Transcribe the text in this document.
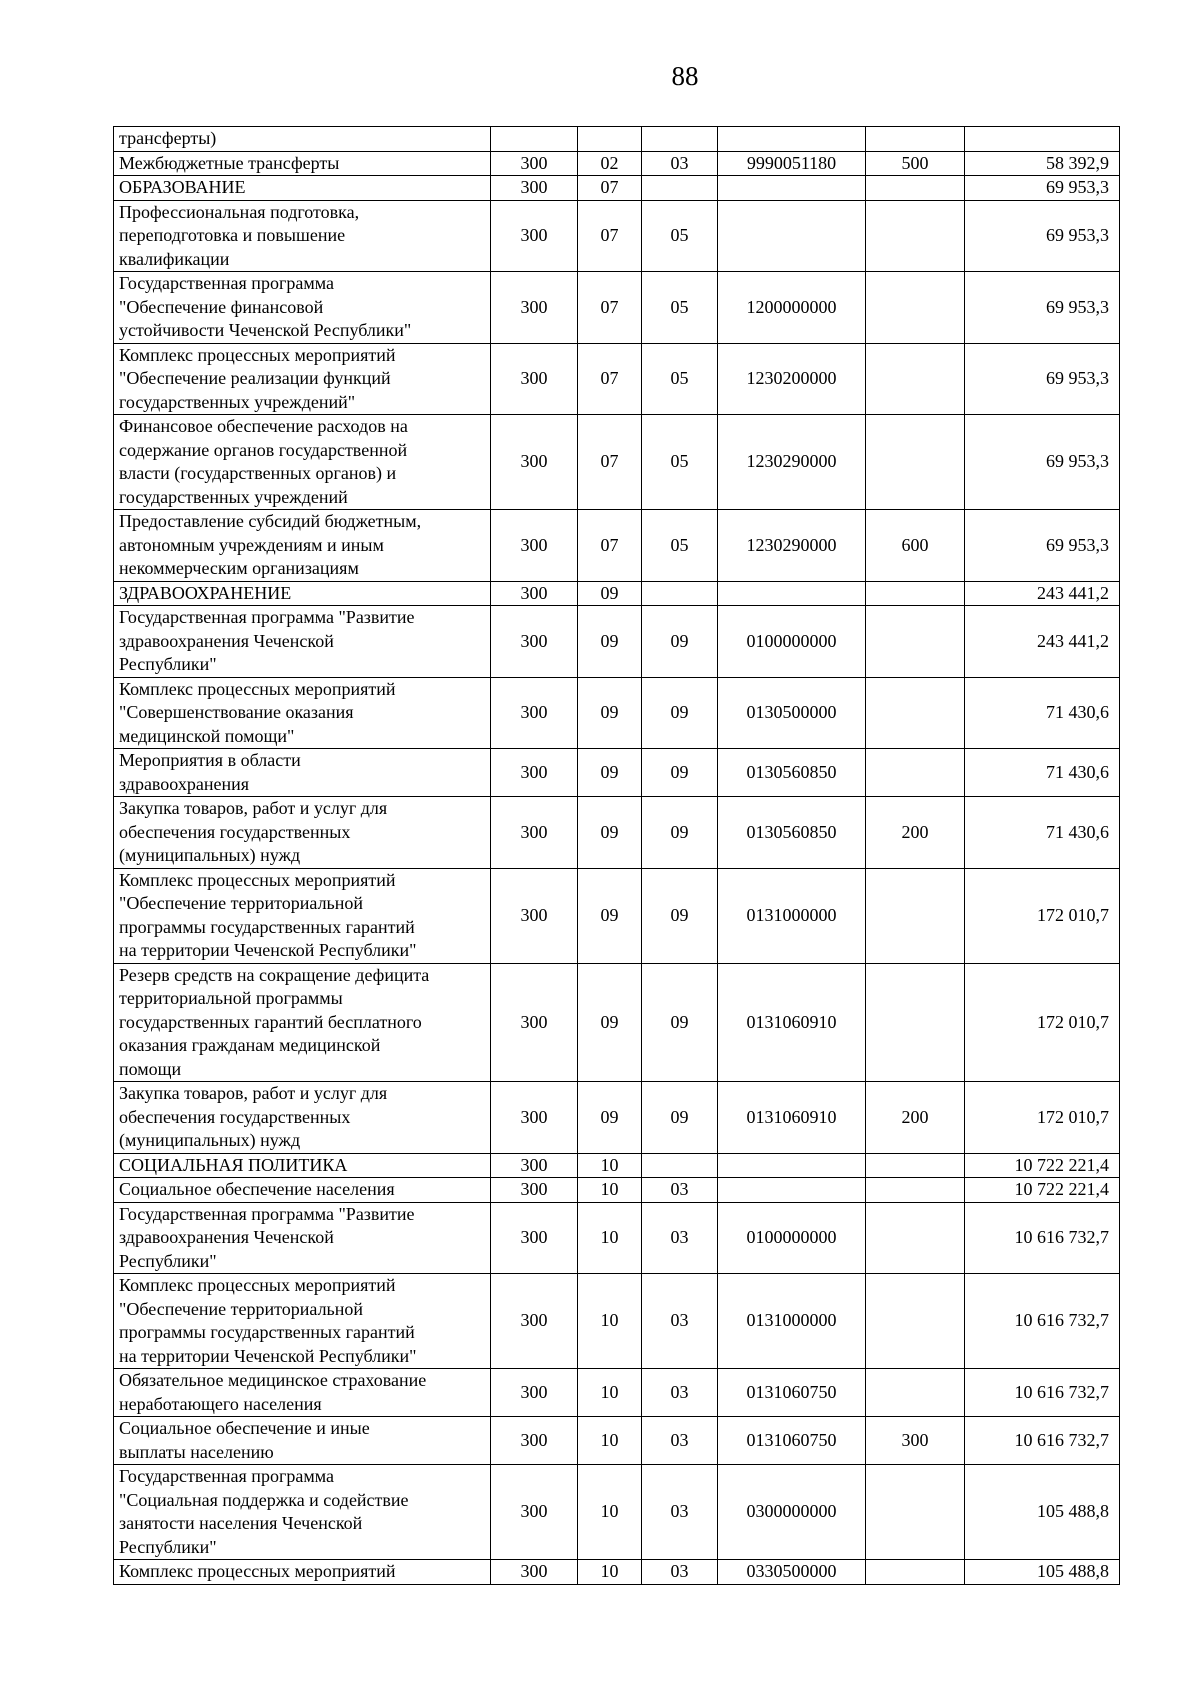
88
трансферты)						

Межбюджетные трансферты	300	02	03	9990051180	500	58 392,9

ОБРАЗОВАНИЕ	300	07				69 953,3

Профессиональная подготовка,
переподготовка и повышение
квалификации	300	07	05			69 953,3

Государственная программа
"Обеспечение финансовой
устойчивости Чеченской Республики"	300	07	05	1200000000		69 953,3

Комплекс процессных мероприятий
"Обеспечение реализации функций
государственных учреждений"	300	07	05	1230200000		69 953,3

Финансовое обеспечение расходов на
содержание органов государственной
власти (государственных органов) и
государственных учреждений	300	07	05	1230290000		69 953,3

Предоставление субсидий бюджетным,
автономным учреждениям и иным
некоммерческим организациям	300	07	05	1230290000	600	69 953,3

ЗДРАВООХРАНЕНИЕ	300	09				243 441,2

Государственная программа "Развитие
здравоохранения Чеченской
Республики"	300	09	09	0100000000		243 441,2

Комплекс процессных мероприятий
"Совершенствование оказания
медицинской помощи"	300	09	09	0130500000		71 430,6

Мероприятия в области
здравоохранения	300	09	09	0130560850		71 430,6

Закупка товаров, работ и услуг для
обеспечения государственных
(муниципальных) нужд	300	09	09	0130560850	200	71 430,6

Комплекс процессных мероприятий
"Обеспечение территориальной
программы государственных гарантий
на территории Чеченской Республики"	300	09	09	0131000000		172 010,7

Резерв средств на сокращение дефицита
территориальной программы
государственных гарантий бесплатного
оказания гражданам медицинской
помощи	300	09	09	0131060910		172 010,7

Закупка товаров, работ и услуг для
обеспечения государственных
(муниципальных) нужд	300	09	09	0131060910	200	172 010,7

СОЦИАЛЬНАЯ ПОЛИТИКА	300	10				10 722 221,4

Социальное обеспечение населения	300	10	03			10 722 221,4

Государственная программа "Развитие
здравоохранения Чеченской
Республики"	300	10	03	0100000000		10 616 732,7

Комплекс процессных мероприятий
"Обеспечение территориальной
программы государственных гарантий
на территории Чеченской Республики"	300	10	03	0131000000		10 616 732,7

Обязательное медицинское страхование
неработающего населения	300	10	03	0131060750		10 616 732,7

Социальное обеспечение и иные
выплаты населению	300	10	03	0131060750	300	10 616 732,7

Государственная программа
"Социальная поддержка и содействие
занятости населения Чеченской
Республики"	300	10	03	0300000000		105 488,8

Комплекс процессных мероприятий	300	10	03	0330500000		105 488,8
